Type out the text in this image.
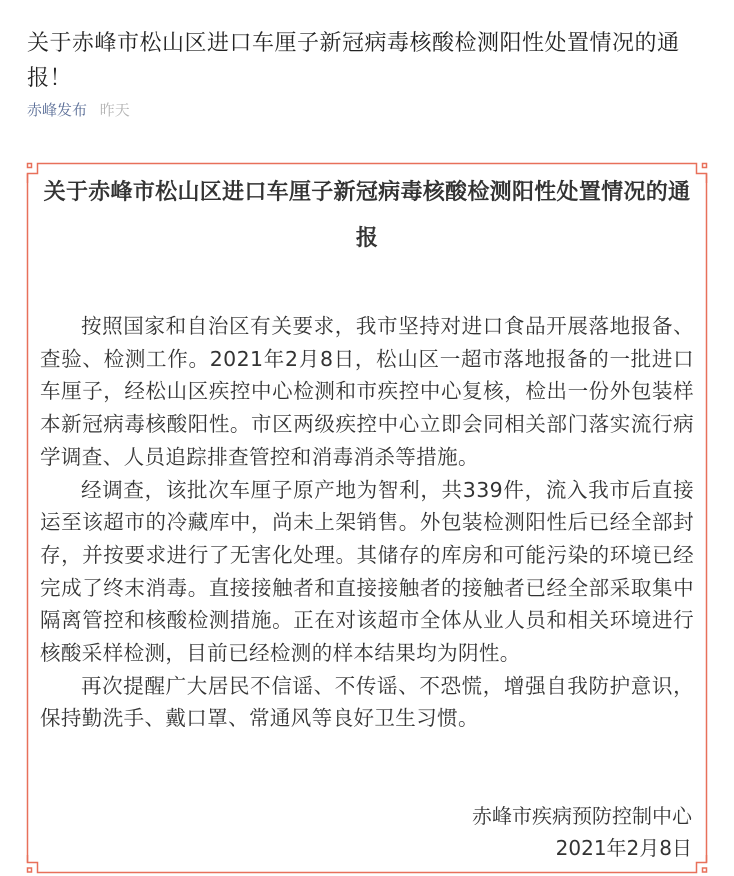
关于赤峰市松山区进口车厘子新冠病毒核酸检测阳性处置情况的通报！
赤峰发布 昨天
关于赤峰市松山区进口车厘子新冠病毒核酸检测阳性处置情况的通报

按照国家和自治区有关要求，我市坚持对进口食品开展落地报备、查验、检测工作。2021年2月8日，松山区一超市落地报备的一批进口车厘子，经松山区疾控中心检测和市疾控中心复核，检出一份外包装样本新冠病毒核酸阳性。市区两级疾控中心立即会同相关部门落实流行病学调查、人员追踪排查管控和消毒消杀等措施。

经调查，该批次车厘子原产地为智利，共339件，流入我市后直接运至该超市的冷藏库中，尚未上架销售。外包装检测阳性后已经全部封存，并按要求进行了无害化处理。其储存的库房和可能污染的环境已经完成了终末消毒。直接接触者和直接接触者的接触者已经全部采取集中隔离管控和核酸检测措施。正在对该超市全体从业人员和相关环境进行核酸采样检测，目前已经检测的样本结果均为阴性。

再次提醒广大居民不信谣、不传谣、不恐慌，增强自我防护意识，保持勤洗手、戴口罩、常通风等良好卫生习惯。

赤峰市疾病预防控制中心
2021年2月8日
